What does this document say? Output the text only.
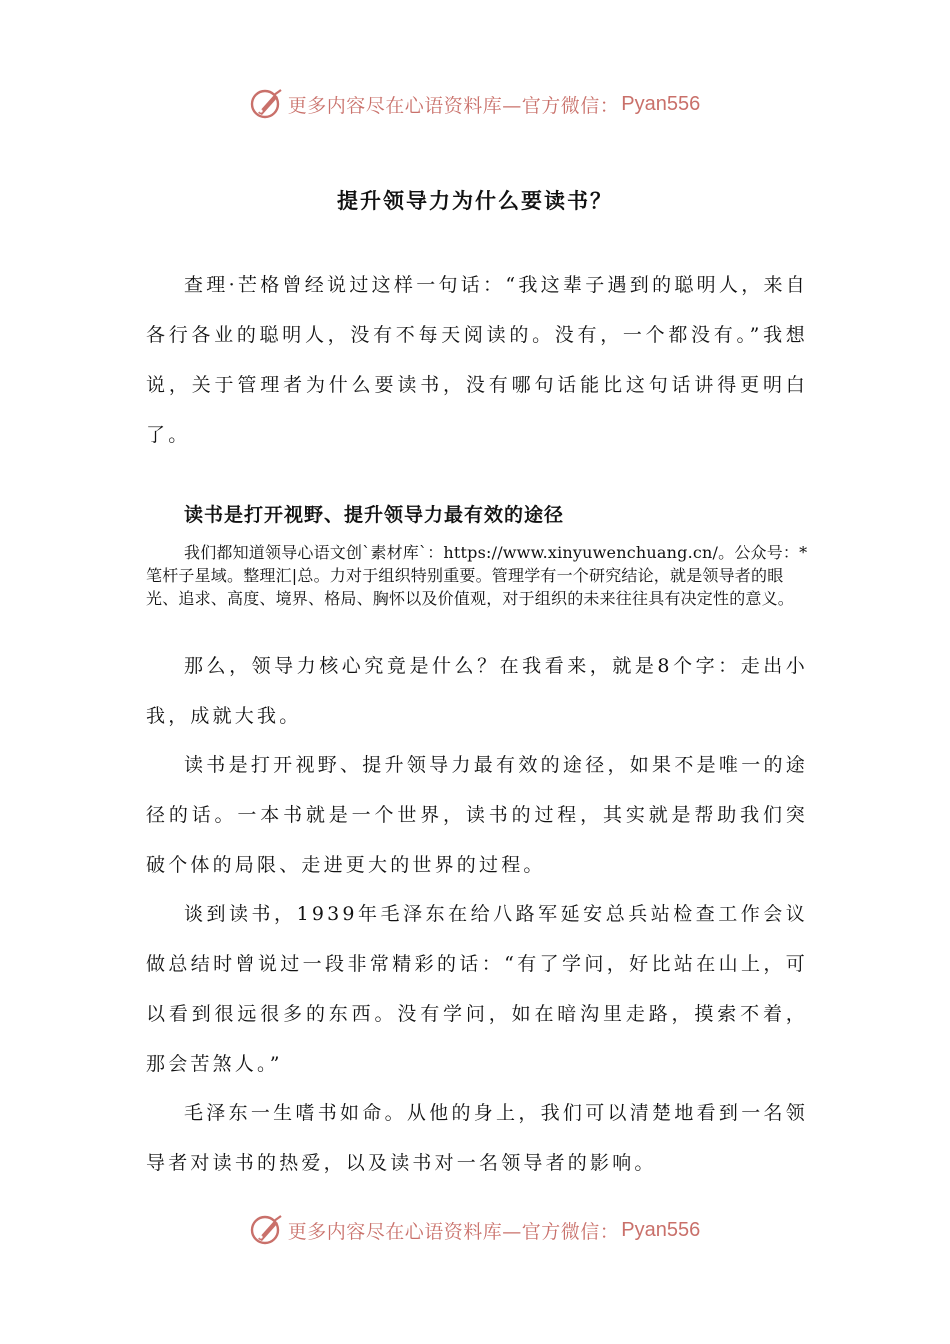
更多内容尽在心语资料库—官方微信： Pyan556
提升领导力为什么要读书？

查理·芒格曾经说过这样一句话：“我这辈子遇到的聪明人，来自各行各业的聪明人，没有不每天阅读的。没有，一个都没有。”我想说，关于管理者为什么要读书，没有哪句话能比这句话讲得更明白了。

读书是打开视野、提升领导力最有效的途径

我们都知道领导心语文创`素材库`：https://www.xinyuwenchuang.cn/。公众号：*笔杆子星域。整理汇|总。力对于组织特别重要。管理学有一个研究结论，就是领导者的眼光、追求、高度、境界、格局、胸怀以及价值观，对于组织的未来往往具有决定性的意义。

那么，领导力核心究竟是什么？在我看来，就是8个字：走出小我，成就大我。

读书是打开视野、提升领导力最有效的途径，如果不是唯一的途径的话。一本书就是一个世界，读书的过程，其实就是帮助我们突破个体的局限、走进更大的世界的过程。

谈到读书，1939年毛泽东在给八路军延安总兵站检查工作会议做总结时曾说过一段非常精彩的话：“有了学问，好比站在山上，可以看到很远很多的东西。没有学问，如在暗沟里走路，摸索不着，那会苦煞人。”

毛泽东一生嗜书如命。从他的身上，我们可以清楚地看到一名领导者对读书的热爱，以及读书对一名领导者的影响。

更多内容尽在心语资料库—官方微信： Pyan556
